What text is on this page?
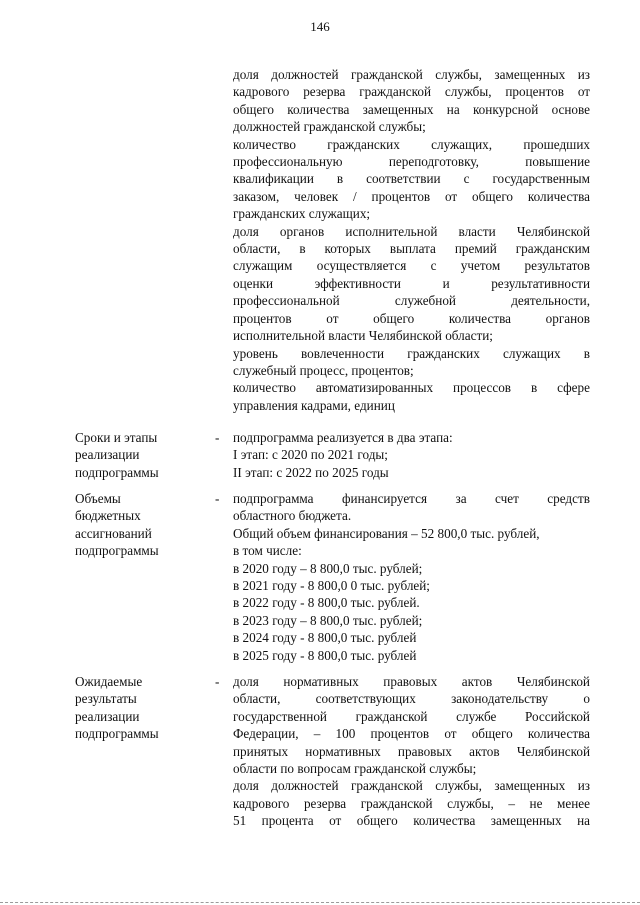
146
доля должностей гражданской службы, замещенных из
кадрового резерва гражданской службы, процентов от
общего количества замещенных на конкурсной основе
должностей гражданской службы;
количество гражданских служащих, прошедших
профессиональную переподготовку, повышение
квалификации в соответствии с государственным
заказом, человек / процентов от общего количества
гражданских служащих;
доля органов исполнительной власти Челябинской
области, в которых выплата премий гражданским
служащим осуществляется с учетом результатов
оценки эффективности и результативности
профессиональной служебной деятельности,
процентов от общего количества органов
исполнительной власти Челябинской области;
уровень вовлеченности гражданских служащих в
служебный процесс, процентов;
количество автоматизированных процессов в сфере
управления кадрами, единиц
Сроки и этапы
реализации
подпрограммы
- подпрограмма реализуется в два этапа:
I этап: с 2020 по 2021 годы;
II этап: с 2022 по 2025 годы
Объемы
бюджетных
ассигнований
подпрограммы
- подпрограмма финансируется за счет средств
областного бюджета.
Общий объем финансирования – 52 800,0 тыс. рублей,
в том числе:
в 2020 году – 8 800,0 тыс. рублей;
в 2021 году - 8 800,0 0 тыс. рублей;
в 2022 году - 8 800,0 тыс. рублей.
в 2023 году – 8 800,0 тыс. рублей;
в 2024 году - 8 800,0 тыс. рублей
в 2025 году - 8 800,0 тыс. рублей
Ожидаемые
результаты
реализации
подпрограммы
- доля нормативных правовых актов Челябинской
области, соответствующих законодательству о
государственной гражданской службе Российской
Федерации, – 100 процентов от общего количества
принятых нормативных правовых актов Челябинской
области по вопросам гражданской службы;
доля должностей гражданской службы, замещенных из
кадрового резерва гражданской службы, – не менее
51 процента от общего количества замещенных на
